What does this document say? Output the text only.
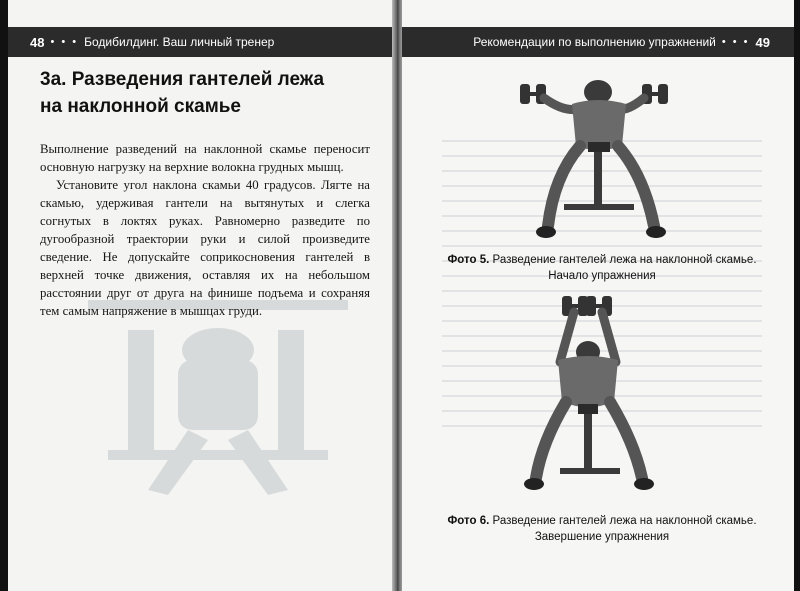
48 • • • Бодибилдинг. Ваш личный тренер
3а. Разведения гантелей лежа
на наклонной скамье

Выполнение разведений на наклонной скамье переносит основную нагрузку на верхние волокна грудных мышц.

Установите угол наклона скамьи 40 градусов. Лягте на скамью, удерживая гантели на вытянутых и слегка согнутых в локтях руках. Равномерно разведите по дугообразной траектории руки и силой произведите сведение. Не допускайте соприкосновения гантелей в верхней точке движения, оставляя их на небольшом расстоянии друг от друга на финише подъема и сохраняя тем самым напряжение в мышцах груди.

Рекомендации по выполнению упражнений • • • 49
Фото 5. Разведение гантелей лежа на наклонной скамье.
Начало упражнения
Фото 6. Разведение гантелей лежа на наклонной скамье.
Завершение упражнения
